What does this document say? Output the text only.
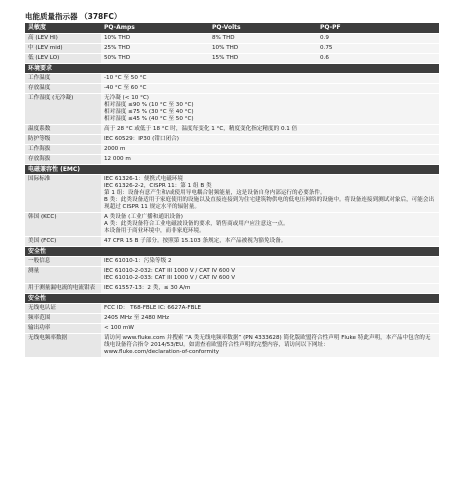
电能质量指示器 （378FC）
灵敏度	PQ-Amps	PQ-Volts	PQ-PF
高 (LEV HI)	10% THD	8% THD	0.9
中 (LEV mid)	25% THD	10% THD	0.75
低 (LEV LO)	50% THD	15% THD	0.6
环境要求			
工作温度	-10 °C 至 50 °C		

存放温度	-40 °C 至 60 °C		

工作湿度 (无冷凝)	无冷凝 (< 10 °C)
相对湿度 ≤90 % (10 °C 至 30 °C)
相对湿度 ≤75 % (30 °C 至 40 °C)
相对湿度 ≤45 % (40 °C 至 50 °C)		

温度系数	高于 28 °C 或低于 18 °C 时，温度每变化 1 °C，精度变化指定精度的 0.1 倍		

防护等级	IEC 60529：IP30 (钳口闭合)		

工作海拔	2000 m		

存放海拔	12 000 m		

电磁兼容性 (EMC)			
国际标准	IEC 61326-1：便携式电磁环境
IEC 61326-2-2，CISPR 11：第 1 组 B 类
第 1 组：设备有意产生和/或使用导电耦合射频能量，这是设备自身内部运行的必要条件。
B 类：此类设备适用于家庭使用的设施以及直接连接到为住宅建筑物供电的低电压网络的设施中。将设备连接到测试对象后，可能会出现超过 CISPR 11 规定水平的辐射量。		

韩国 (KCC)	A 类设备 (工业广播和通讯设备)
A 类：此类设备符合工业电磁波设备的要求，销售商或用户应注意这一点。
本设备用于商业环境中，而非家庭环境。		

美国 (FCC)	47 CFR 15 B 子部分。按照第 15.103 条规定，本产品被视为豁免设备。		

安全性			
一般信息	IEC 61010-1：污染等级 2		

测量	IEC 61010-2-032: CAT III 1000 V / CAT IV 600 V
IEC 61010-2-033: CAT III 1000 V / CAT IV 600 V		

用于测量漏电流的电流钳表	IEC 61557-13：2 类，≤ 30 A/m		

安全性			
无线电认证	FCC ID： T68-FBLE IC: 6627A-FBLE		

频率范围	2405 MHz 至 2480 MHz		

输出功率	< 100 mW		

无线电频率数据	请访问 www.fluke.com 并搜索 “A 类无线电频率数据” (PN 4333628) 简化版欧盟符合性声明 Fluke 特此声明，本产品中包含的无线电设备符合指令 2014/53/EU。如需查看欧盟符合性声明的完整内容，请访问以下网址：
www.fluke.com/declaration-of-conformity		
